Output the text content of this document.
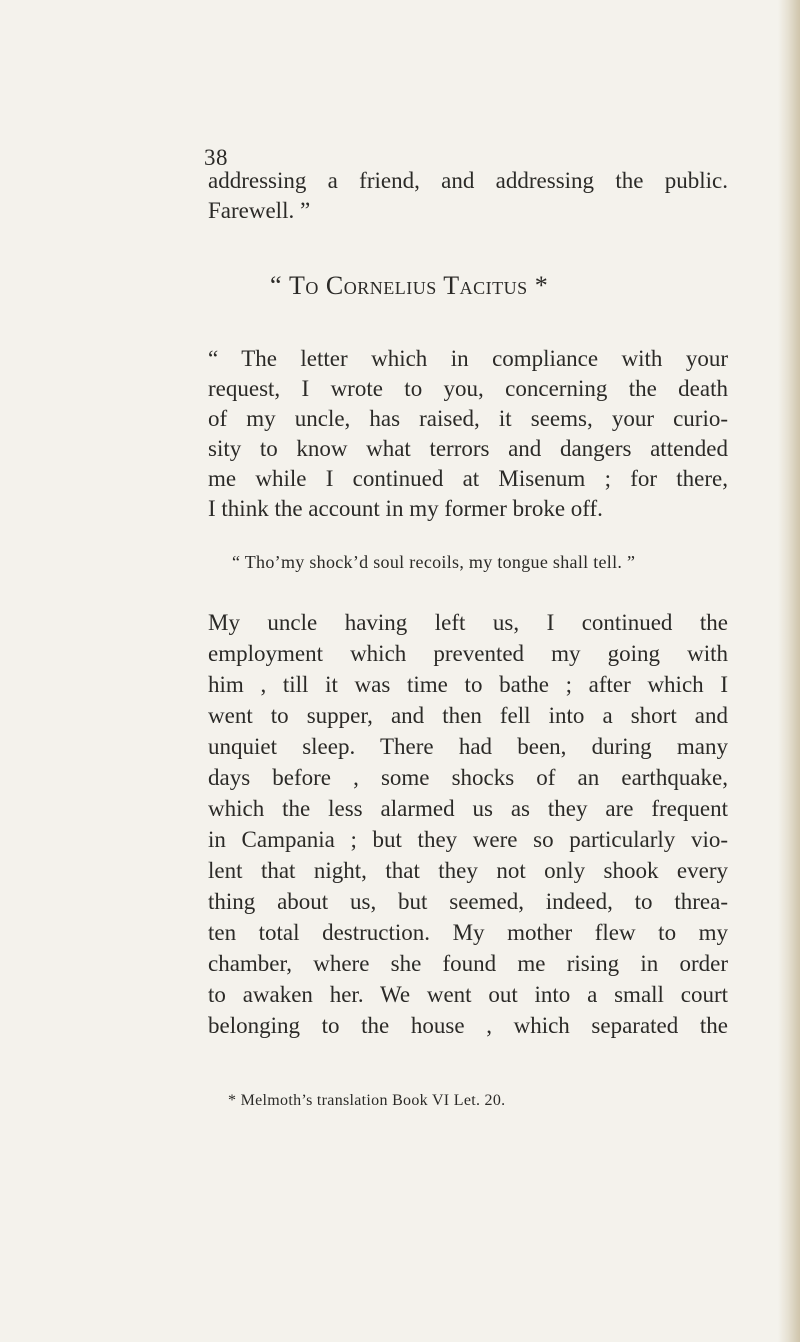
38
addressing a friend, and addressing the public.
Farewell. ”
“ To Cornelius Tacitus *
“ The letter which in compliance with your
request, I wrote to you, concerning the death
of my uncle, has raised, it seems, your curio-
sity to know what terrors and dangers attended
me while I continued at Misenum ; for there,
I think the account in my former broke off.
“ Tho’my shock’d soul recoils, my tongue shall tell. ”
My uncle having left us, I continued the
employment which prevented my going with
him , till it was time to bathe ; after which I
went to supper, and then fell into a short and
unquiet sleep. There had been, during many
days before , some shocks of an earthquake,
which the less alarmed us as they are frequent
in Campania ; but they were so particularly vio-
lent that night, that they not only shook every
thing about us, but seemed, indeed, to threa-
ten total destruction. My mother flew to my
chamber, where she found me rising in order
to awaken her. We went out into a small court
belonging to the house , which separated the
* Melmoth’s translation Book VI Let. 20.
